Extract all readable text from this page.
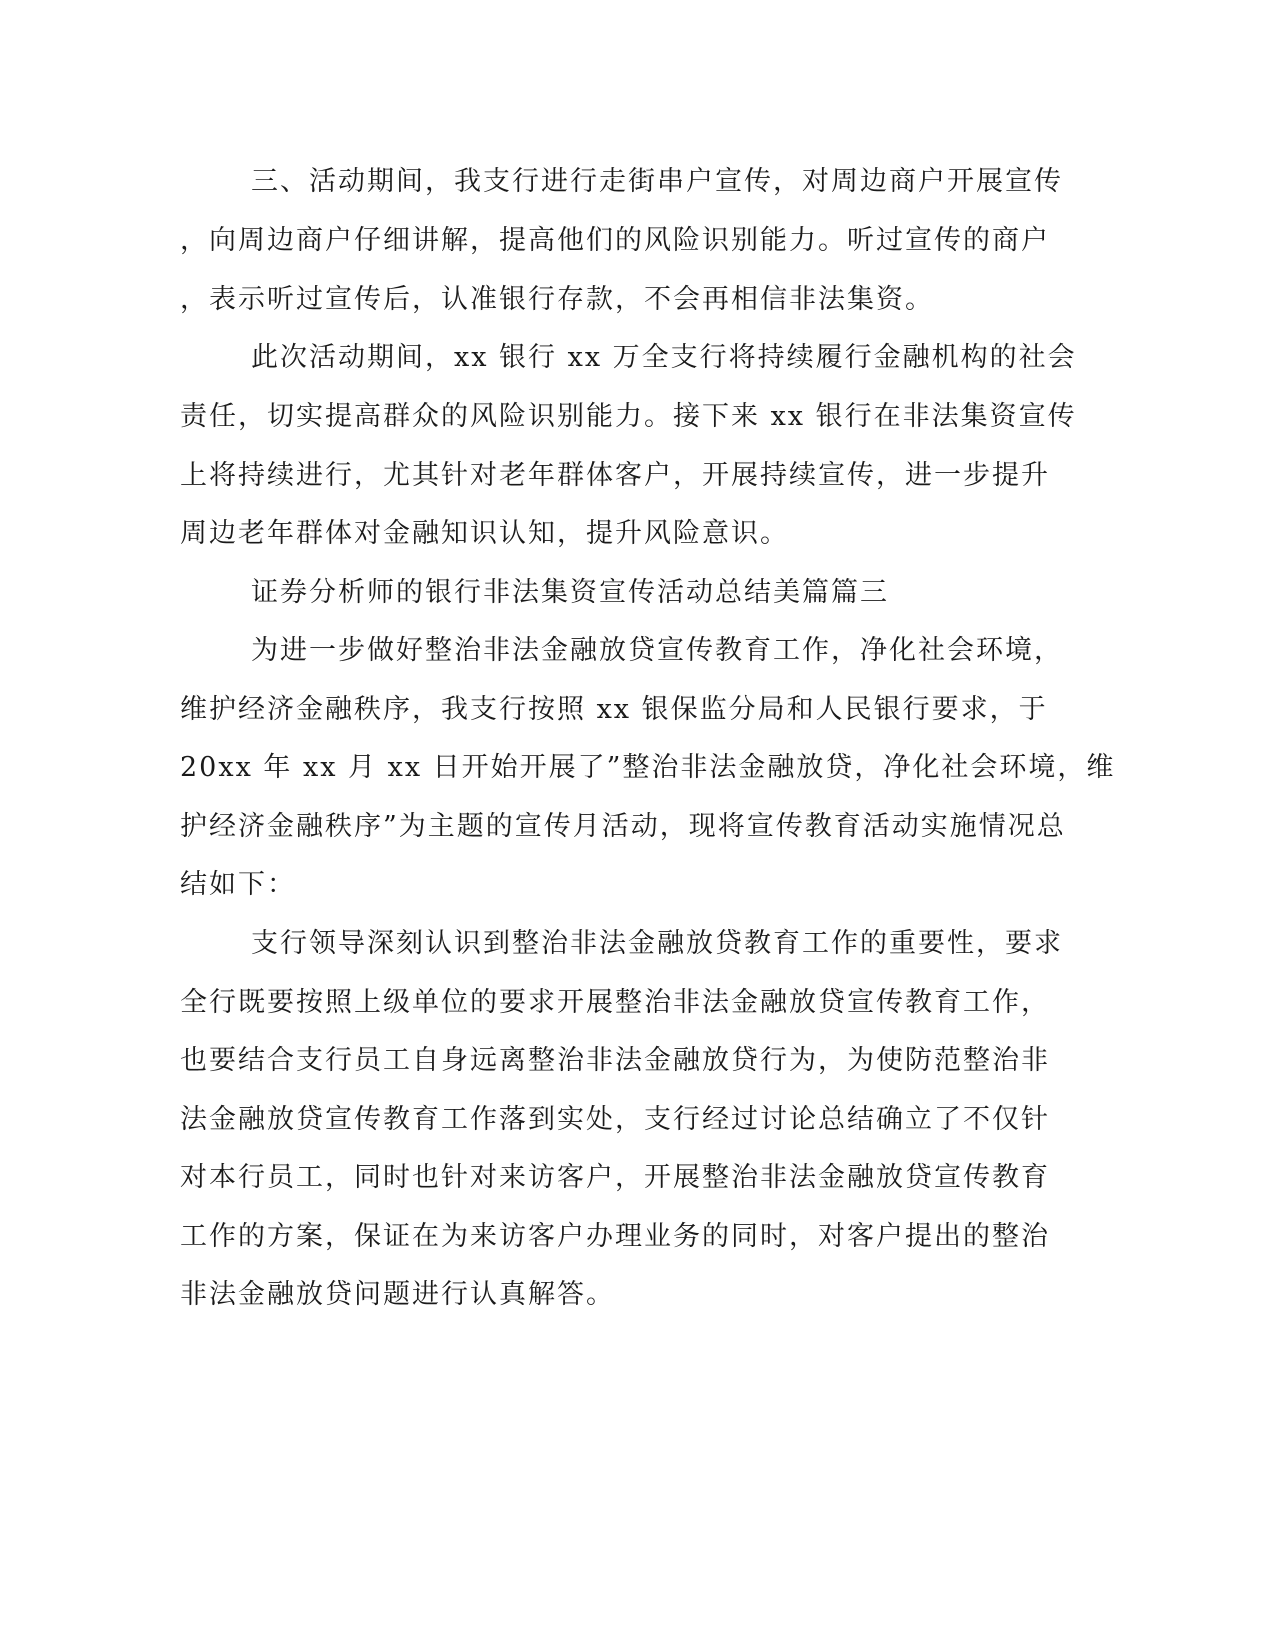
三、活动期间，我支行进行走街串户宣传，对周边商户开展宣传
，向周边商户仔细讲解，提高他们的风险识别能力。听过宣传的商户
，表示听过宣传后，认准银行存款，不会再相信非法集资。
此次活动期间，xx 银行 xx 万全支行将持续履行金融机构的社会
责任，切实提高群众的风险识别能力。接下来 xx 银行在非法集资宣传
上将持续进行，尤其针对老年群体客户，开展持续宣传，进一步提升
周边老年群体对金融知识认知，提升风险意识。
证券分析师的银行非法集资宣传活动总结美篇篇三
为进一步做好整治非法金融放贷宣传教育工作，净化社会环境，
维护经济金融秩序，我支行按照 xx 银保监分局和人民银行要求，于
20xx 年 xx 月 xx 日开始开展了”整治非法金融放贷，净化社会环境，维
护经济金融秩序”为主题的宣传月活动，现将宣传教育活动实施情况总
结如下：
支行领导深刻认识到整治非法金融放贷教育工作的重要性，要求
全行既要按照上级单位的要求开展整治非法金融放贷宣传教育工作，
也要结合支行员工自身远离整治非法金融放贷行为，为使防范整治非
法金融放贷宣传教育工作落到实处，支行经过讨论总结确立了不仅针
对本行员工，同时也针对来访客户，开展整治非法金融放贷宣传教育
工作的方案，保证在为来访客户办理业务的同时，对客户提出的整治
非法金融放贷问题进行认真解答。
